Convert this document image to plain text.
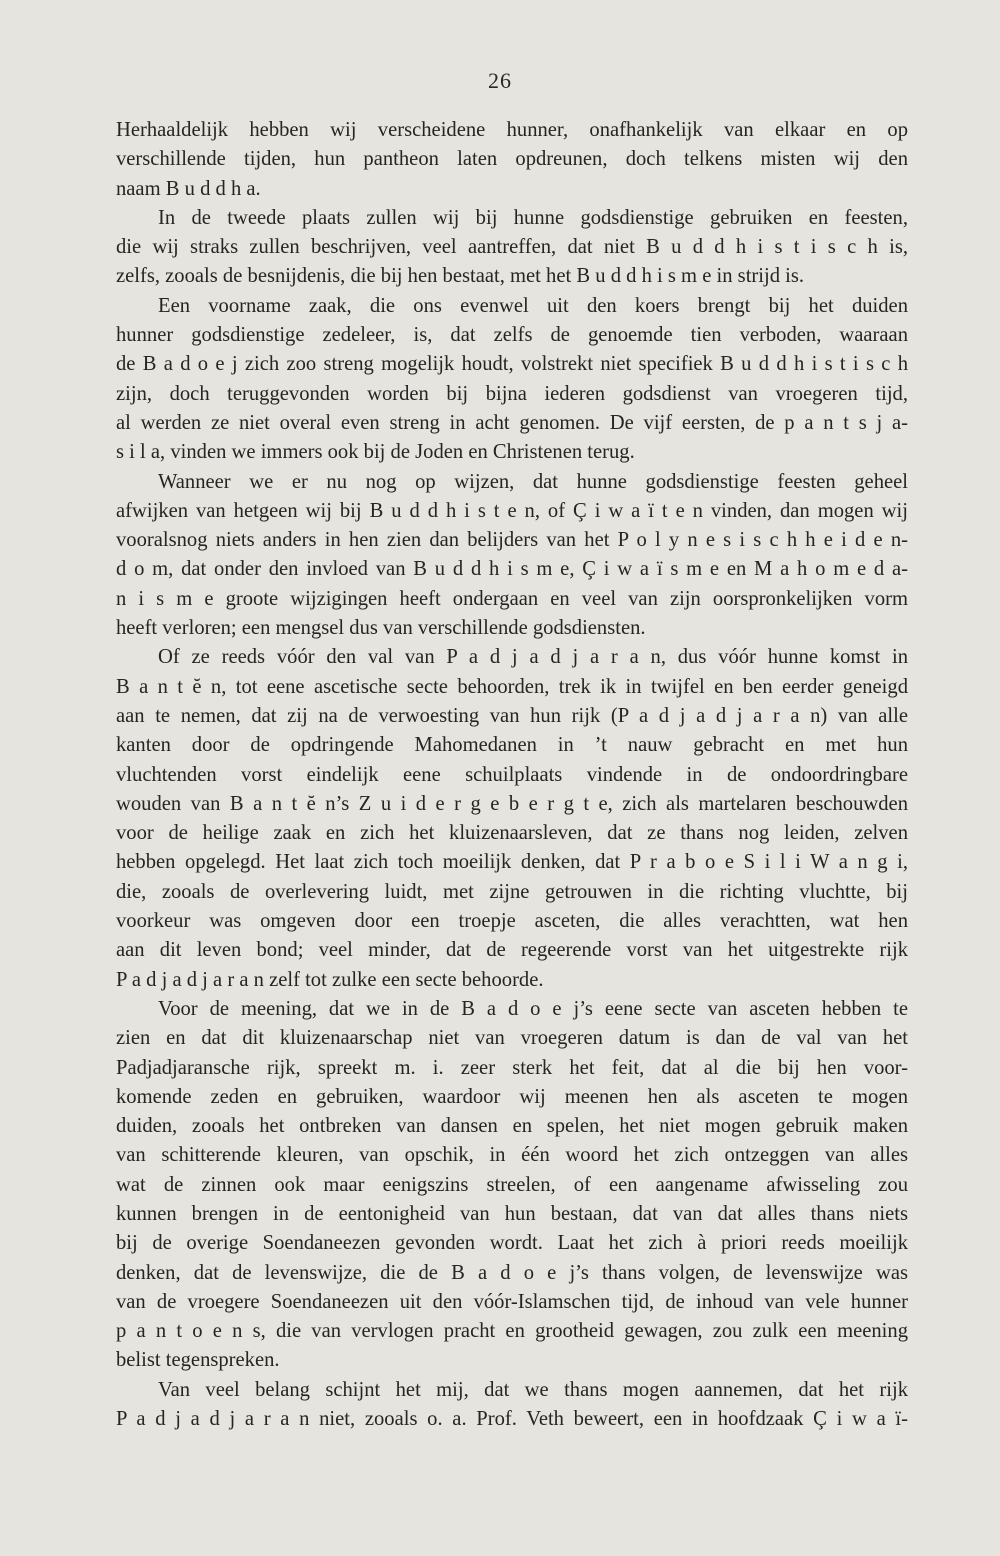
26
Herhaaldelijk hebben wij verscheidene hunner, onafhankelijk van elkaar en op
verschillende tijden, hun pantheon laten opdreunen, doch telkens misten wij den
naam B u d d h a.
In de tweede plaats zullen wij bij hunne godsdienstige gebruiken en feesten,
die wij straks zullen beschrijven, veel aantreffen, dat niet B u d d h i s t i s c h is,
zelfs, zooals de besnijdenis, die bij hen bestaat, met het B u d d h i s m e in strijd is.
Een voorname zaak, die ons evenwel uit den koers brengt bij het duiden
hunner godsdienstige zedeleer, is, dat zelfs de genoemde tien verboden, waaraan
de B a d o e j zich zoo streng mogelijk houdt, volstrekt niet specifiek B u d d h i s t i s c h
zijn, doch teruggevonden worden bij bijna iederen godsdienst van vroegeren tijd,
al werden ze niet overal even streng in acht genomen. De vijf eersten, de p a n t s j a-
s i l a, vinden we immers ook bij de Joden en Christenen terug.
Wanneer we er nu nog op wijzen, dat hunne godsdienstige feesten geheel
afwijken van hetgeen wij bij B u d d h i s t e n, of Ç i w a ï t e n vinden, dan mogen wij
vooralsnog niets anders in hen zien dan belijders van het P o l y n e s i s c h h e i d e n-
d o m, dat onder den invloed van B u d d h i s m e, Ç i w a ï s m e en M a h o m e d a-
n i s m e groote wijzigingen heeft ondergaan en veel van zijn oorspronkelijken vorm
heeft verloren; een mengsel dus van verschillende godsdiensten.
Of ze reeds vóór den val van P a d j a d j a r a n, dus vóór hunne komst in
B a n t ĕ n, tot eene ascetische secte behoorden, trek ik in twijfel en ben eerder geneigd
aan te nemen, dat zij na de verwoesting van hun rijk (P a d j a d j a r a n) van alle
kanten door de opdringende Mahomedanen in ’t nauw gebracht en met hun
vluchtenden vorst eindelijk eene schuilplaats vindende in de ondoordringbare
wouden van B a n t ĕ n’s Z u i d e r g e b e r g t e, zich als martelaren beschouwden
voor de heilige zaak en zich het kluizenaarsleven, dat ze thans nog leiden, zelven
hebben opgelegd. Het laat zich toch moeilijk denken, dat P r a b o e S i l i W a n g i,
die, zooals de overlevering luidt, met zijne getrouwen in die richting vluchtte, bij
voorkeur was omgeven door een troepje asceten, die alles verachtten, wat hen
aan dit leven bond; veel minder, dat de regeerende vorst van het uitgestrekte rijk
P a d j a d j a r a n zelf tot zulke een secte behoorde.
Voor de meening, dat we in de B a d o e j’s eene secte van asceten hebben te
zien en dat dit kluizenaarschap niet van vroegeren datum is dan de val van het
Padjadjaransche rijk, spreekt m. i. zeer sterk het feit, dat al die bij hen voor-
komende zeden en gebruiken, waardoor wij meenen hen als asceten te mogen
duiden, zooals het ontbreken van dansen en spelen, het niet mogen gebruik maken
van schitterende kleuren, van opschik, in één woord het zich ontzeggen van alles
wat de zinnen ook maar eenigszins streelen, of een aangename afwisseling zou
kunnen brengen in de eentonigheid van hun bestaan, dat van dat alles thans niets
bij de overige Soendaneezen gevonden wordt. Laat het zich à priori reeds moeilijk
denken, dat de levenswijze, die de B a d o e j’s thans volgen, de levenswijze was
van de vroegere Soendaneezen uit den vóór-Islamschen tijd, de inhoud van vele hunner
p a n t o e n s, die van vervlogen pracht en grootheid gewagen, zou zulk een meening
belist tegenspreken.
Van veel belang schijnt het mij, dat we thans mogen aannemen, dat het rijk
P a d j a d j a r a n niet, zooals o. a. Prof. Veth beweert, een in hoofdzaak Ç i w a ï-
